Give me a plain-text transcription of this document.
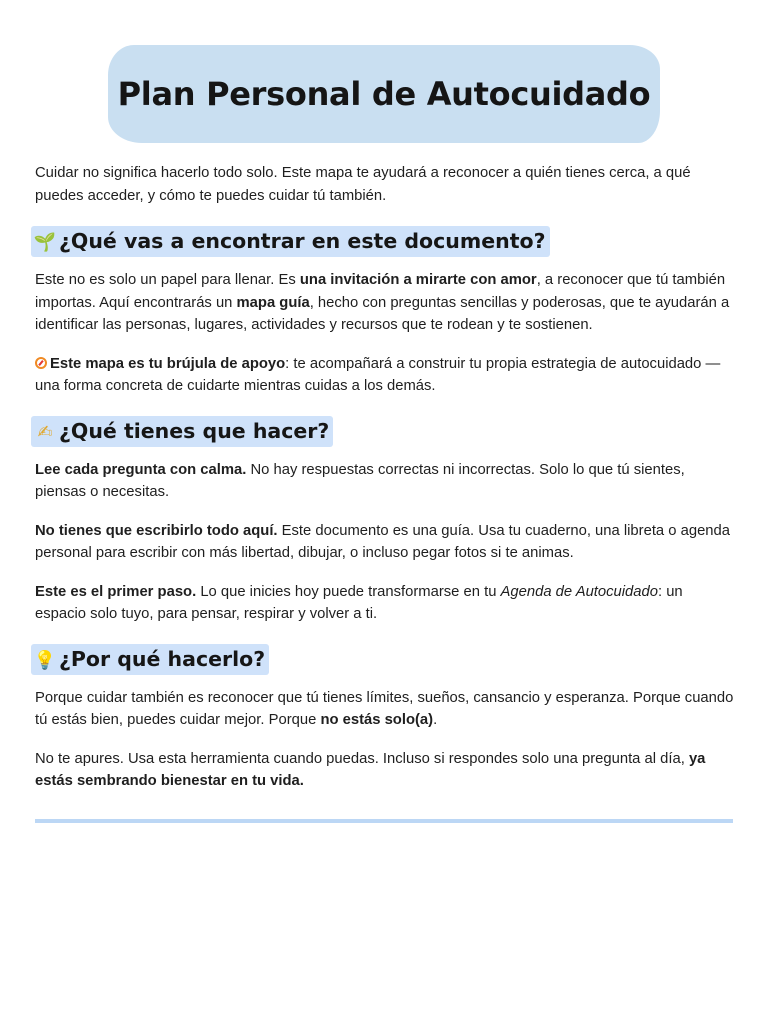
Plan Personal de Autocuidado

Cuidar no significa hacerlo todo solo. Este mapa te ayudará a reconocer a quién tienes cerca, a qué puedes acceder, y cómo te puedes cuidar tú también.

🌱 ¿Qué vas a encontrar en este documento?

Este no es solo un papel para llenar. Es una invitación a mirarte con amor, a reconocer que tú también importas. Aquí encontrarás un mapa guía, hecho con preguntas sencillas y poderosas, que te ayudarán a identificar las personas, lugares, actividades y recursos que te rodean y te sostienen.

Este mapa es tu brújula de apoyo: te acompañará a construir tu propia estrategia de autocuidado —una forma concreta de cuidarte mientras cuidas a los demás.

✍ ¿Qué tienes que hacer?

Lee cada pregunta con calma. No hay respuestas correctas ni incorrectas. Solo lo que tú sientes, piensas o necesitas.

No tienes que escribirlo todo aquí. Este documento es una guía. Usa tu cuaderno, una libreta o agenda personal para escribir con más libertad, dibujar, o incluso pegar fotos si te animas.

Este es el primer paso. Lo que inicies hoy puede transformarse en tu Agenda de Autocuidado: un espacio solo tuyo, para pensar, respirar y volver a ti.

💡 ¿Por qué hacerlo?

Porque cuidar también es reconocer que tú tienes límites, sueños, cansancio y esperanza. Porque cuando tú estás bien, puedes cuidar mejor. Porque no estás solo(a).

No te apures. Usa esta herramienta cuando puedas. Incluso si respondes solo una pregunta al día, ya estás sembrando bienestar en tu vida.
